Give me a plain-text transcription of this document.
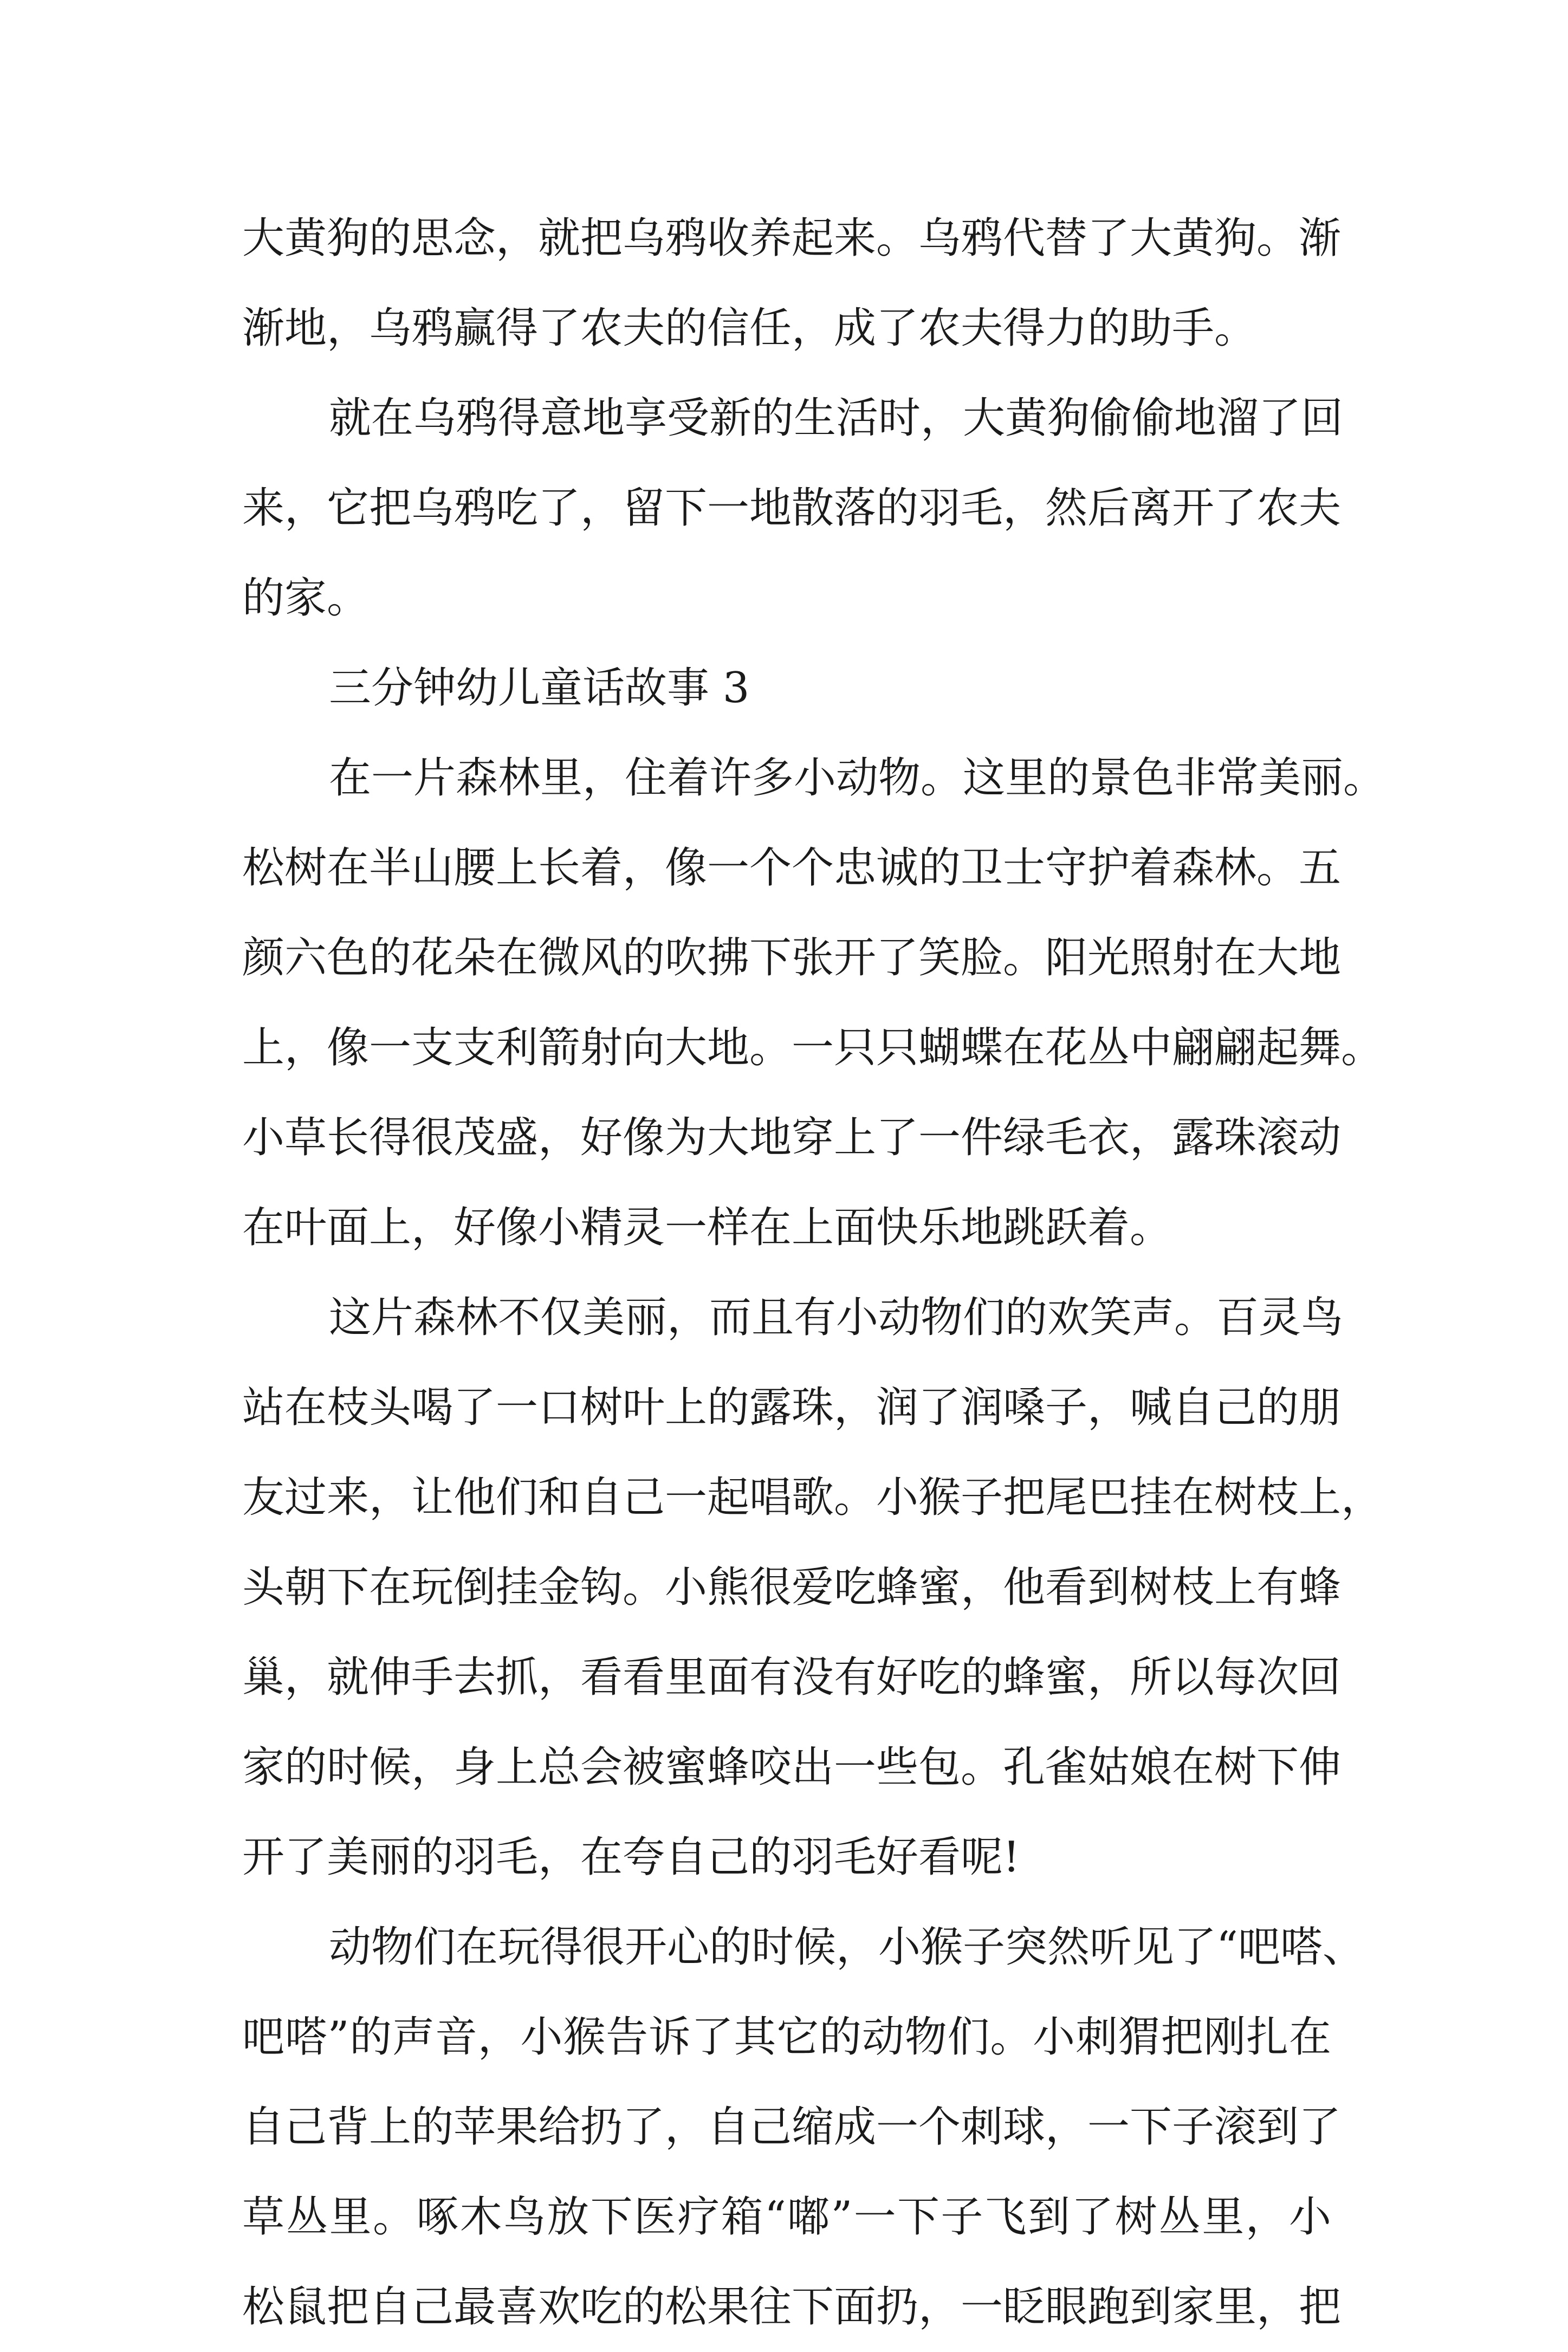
大黄狗的思念，就把乌鸦收养起来。乌鸦代替了大黄狗。渐
渐地，乌鸦赢得了农夫的信任，成了农夫得力的助手。
就在乌鸦得意地享受新的生活时，大黄狗偷偷地溜了回
来，它把乌鸦吃了，留下一地散落的羽毛，然后离开了农夫
的家。
三分钟幼儿童话故事 3
在一片森林里，住着许多小动物。这里的景色非常美丽。
松树在半山腰上长着，像一个个忠诚的卫士守护着森林。五
颜六色的花朵在微风的吹拂下张开了笑脸。阳光照射在大地
上，像一支支利箭射向大地。一只只蝴蝶在花丛中翩翩起舞。
小草长得很茂盛，好像为大地穿上了一件绿毛衣，露珠滚动
在叶面上，好像小精灵一样在上面快乐地跳跃着。
这片森林不仅美丽，而且有小动物们的欢笑声。百灵鸟
站在枝头喝了一口树叶上的露珠，润了润嗓子，喊自己的朋
友过来，让他们和自己一起唱歌。小猴子把尾巴挂在树枝上，
头朝下在玩倒挂金钩。小熊很爱吃蜂蜜，他看到树枝上有蜂
巢，就伸手去抓，看看里面有没有好吃的蜂蜜，所以每次回
家的时候，身上总会被蜜蜂咬出一些包。孔雀姑娘在树下伸
开了美丽的羽毛，在夸自己的羽毛好看呢!
动物们在玩得很开心的时候，小猴子突然听见了“吧嗒、
吧嗒”的声音，小猴告诉了其它的动物们。小刺猬把刚扎在
自己背上的苹果给扔了，自己缩成一个刺球，一下子滚到了
草丛里。啄木鸟放下医疗箱“嘟”一下子飞到了树丛里，小
松鼠把自己最喜欢吃的松果往下面扔，一眨眼跑到家里，把
